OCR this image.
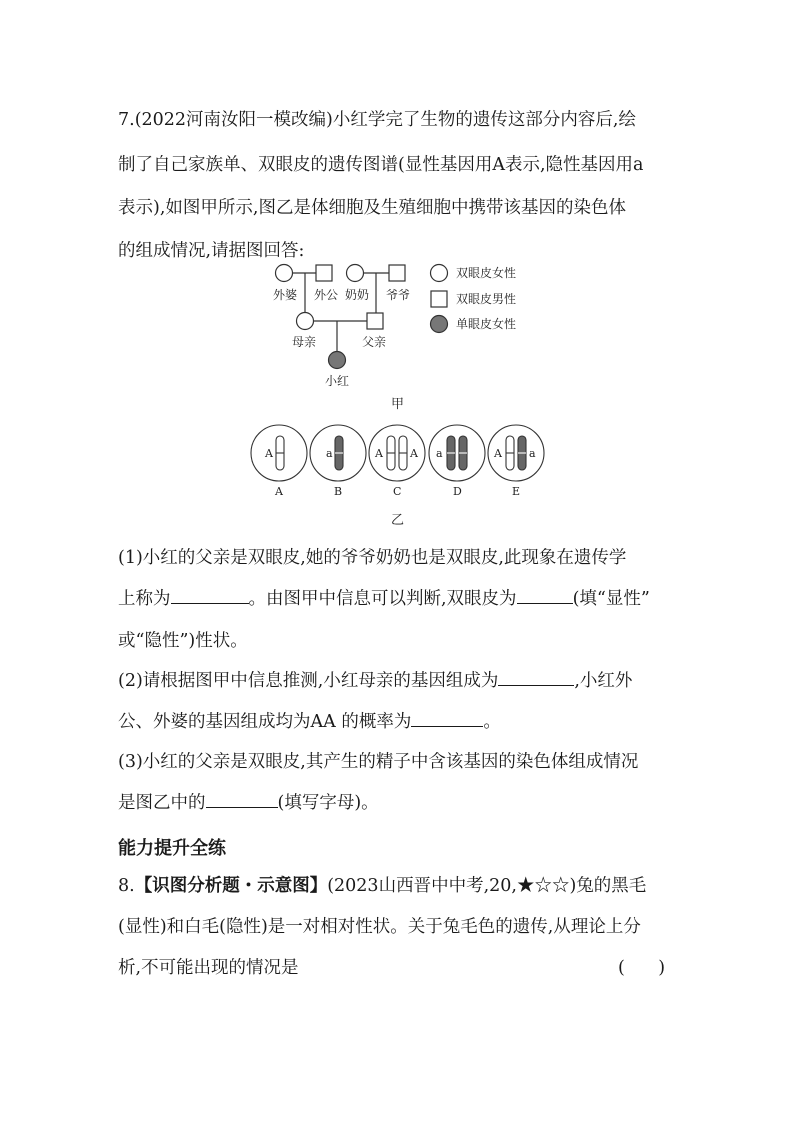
7.(2022河南汝阳一模改编)小红学完了生物的遗传这部分内容后,绘
制了自己家族单、双眼皮的遗传图谱(显性基因用A表示,隐性基因用a
表示),如图甲所示,图乙是体细胞及生殖细胞中携带该基因的染色体
的组成情况,请据图回答:
外婆 外公 奶奶 爷爷
母亲	父亲
小红
双眼皮女性
双眼皮男性
单眼皮女性
甲
A	a	A A a	A a
A	B	C	D	E
乙
(1)小红的父亲是双眼皮,她的爷爷奶奶也是双眼皮,此现象在遗传学
上称为	。由图甲中信息可以判断,双眼皮为	(填“显性”
或“隐性”)性状。
(2)请根据图甲中信息推测,小红母亲的基因组成为	,小红外
公、外婆的基因组成均为AA 的概率为	。
(3)小红的父亲是双眼皮,其产生的精子中含该基因的染色体组成情况
是图乙中的	(填写字母)。
能力提升全练
8.【识图分析题・示意图】(2023山西晋中中考,20,★☆☆)兔的黑毛
(显性)和白毛(隐性)是一对相对性状。关于兔毛色的遗传,从理论上分
析,不可能出现的情况是	(      )
